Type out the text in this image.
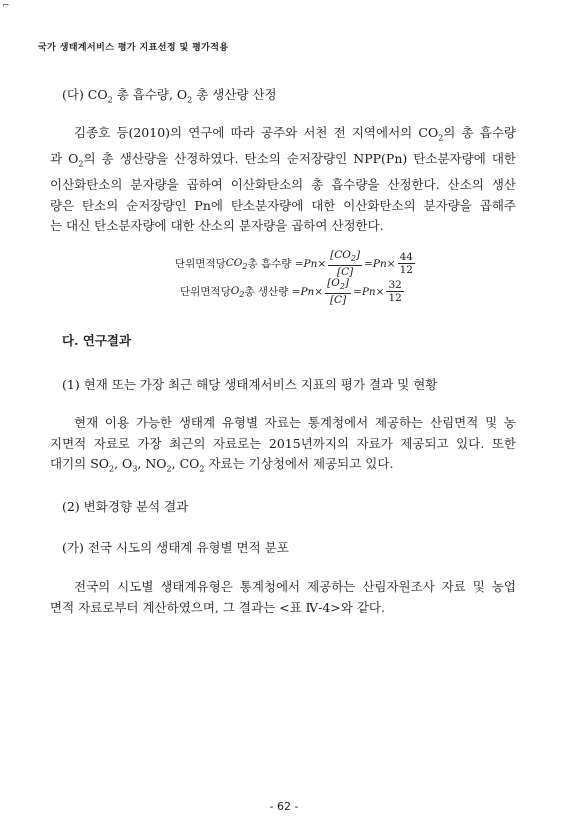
⌐
국가 생태계서비스 평가 지표선정 및 평가적용
(다) $CO_2$ 총 흡수량, $O_2$ 총 생산량 산정

김종호 등(2010)의 연구에 따라 공주와 서천 전 지역에서의 $CO_2$의 총 흡수량

과 $O_2$의 총 생산량을 산정하였다. 탄소의 순저장량인 NPP(Pn) 탄소분자량에 대한

이산화탄소의 분자량을 곱하여 이산화탄소의 총 흡수량을 산정한다. 산소의 생산

량은 탄소의 순저장량인 Pn에 탄소분자량에 대한 이산화탄소의 분자량을 곱해주

는 대신 탄소분자량에 대한 산소의 분자량을 곱하여 산정한다.

단위면적당 $CO_2$ 총 흡수량 = $Pn \times \frac{[CO_2]}{[C]} = Pn \times \frac{44}{12}$
단위면적당 $O_2$ 총 생산량 = $Pn \times \frac{[O_2]}{[C]} = Pn \times \frac{32}{12}$
다. 연구결과
(1) 현재 또는 가장 최근 해당 생태계서비스 지표의 평가 결과 및 현황

현재 이용 가능한 생태계 유형별 자료는 통계청에서 제공하는 산림면적 및 농

지면적 자료로 가장 최근의 자료로는 2015년까지의 자료가 제공되고 있다. 또한

대기의 $SO_2$, $O_3$, $NO_2$, $CO_2$ 자료는 기상청에서 제공되고 있다.

(2) 변화경향 분석 결과
(가) 전국 시도의 생태계 유형별 면적 분포

전국의 시도별 생태계유형은 통계청에서 제공하는 산림자원조사 자료 및 농업

면적 자료로부터 계산하였으며, 그 결과는 <표 Ⅳ-4>와 같다.

- 62 -
